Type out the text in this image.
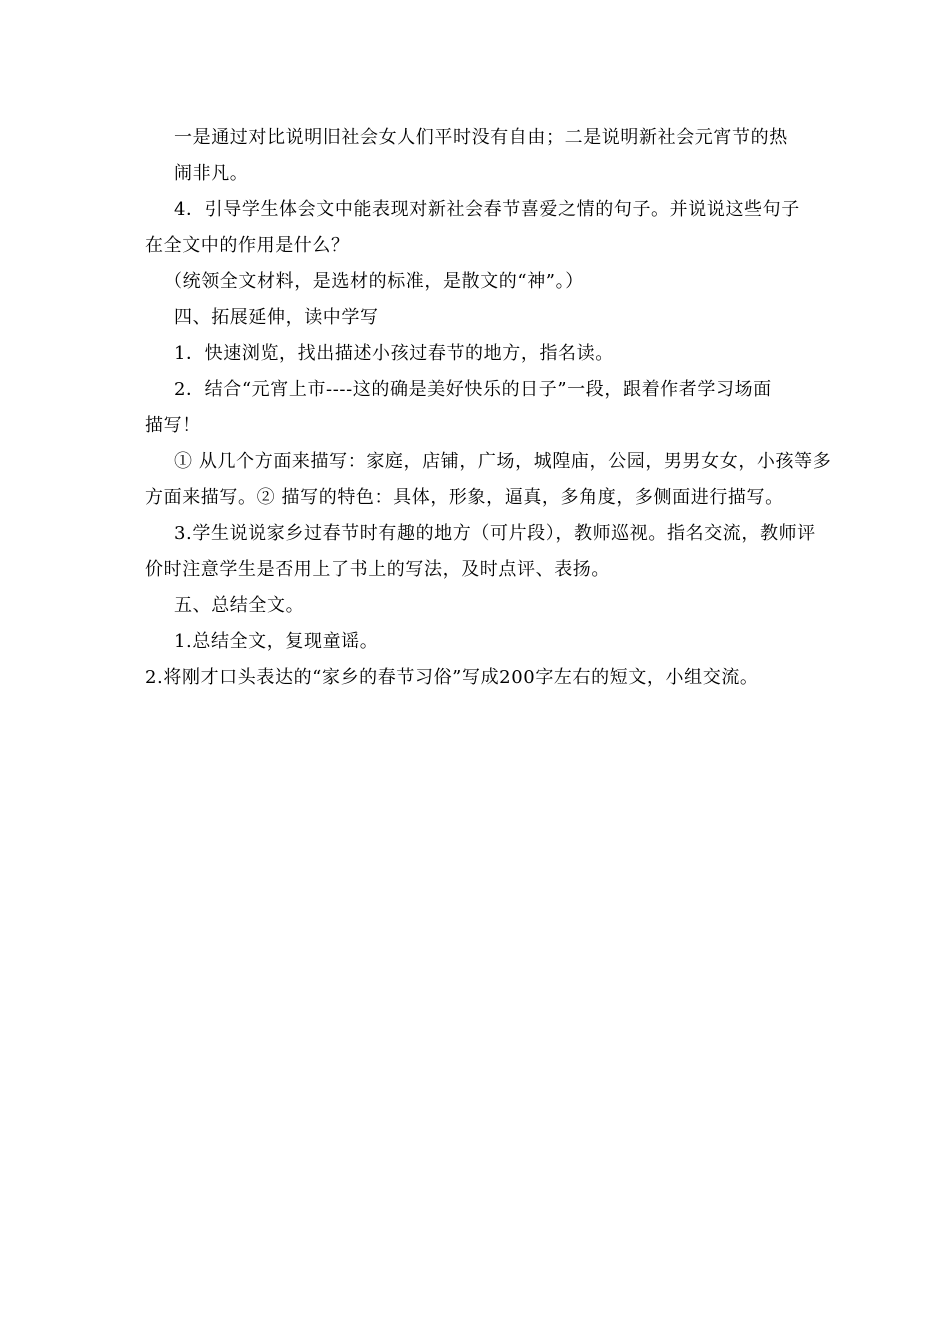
一是通过对比说明旧社会女人们平时没有自由；二是说明新社会元宵节的热
闹非凡。
4．引导学生体会文中能表现对新社会春节喜爱之情的句子。并说说这些句子
在全文中的作用是什么？
（统领全文材料，是选材的标准，是散文的“神”。）
四、拓展延伸，读中学写
1．快速浏览，找出描述小孩过春节的地方，指名读。
2．结合“元宵上市----这的确是美好快乐的日子”一段，跟着作者学习场面
描写！
① 从几个方面来描写：家庭，店铺，广场，城隍庙，公园，男男女女，小孩等多
方面来描写。② 描写的特色：具体，形象，逼真，多角度，多侧面进行描写。
3.学生说说家乡过春节时有趣的地方（可片段），教师巡视。指名交流，教师评
价时注意学生是否用上了书上的写法，及时点评、表扬。
五、总结全文。
1.总结全文，复现童谣。
2.将刚才口头表达的“家乡的春节习俗”写成200字左右的短文，小组交流。
